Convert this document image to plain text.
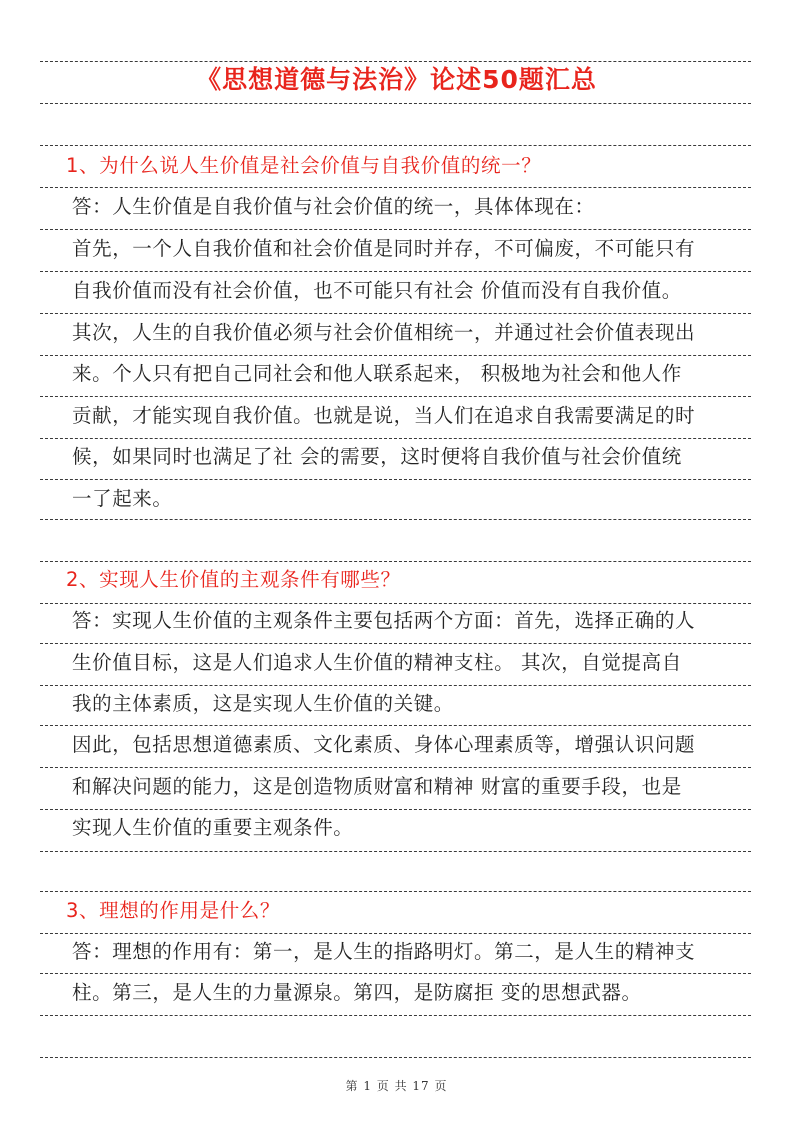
《思想道德与法治》论述50题汇总
1、为什么说人生价值是社会价值与自我价值的统一？
答：人生价值是自我价值与社会价值的统一，具体体现在：
首先，一个人自我价值和社会价值是同时并存，不可偏废，不可能只有
自我价值而没有社会价值，也不可能只有社会 价值而没有自我价值。
其次，人生的自我价值必须与社会价值相统一，并通过社会价值表现出
来。个人只有把自己同社会和他人联系起来， 积极地为社会和他人作
贡献，才能实现自我价值。也就是说，当人们在追求自我需要满足的时
候，如果同时也满足了社 会的需要，这时便将自我价值与社会价值统
一了起来。
2、实现人生价值的主观条件有哪些？
答：实现人生价值的主观条件主要包括两个方面：首先，选择正确的人
生价值目标，这是人们追求人生价值的精神支柱。 其次，自觉提高自
我的主体素质，这是实现人生价值的关键。
因此，包括思想道德素质、文化素质、身体心理素质等，增强认识问题
和解决问题的能力，这是创造物质财富和精神 财富的重要手段，也是
实现人生价值的重要主观条件。
3、理想的作用是什么？
答：理想的作用有：第一，是人生的指路明灯。第二，是人生的精神支
柱。第三，是人生的力量源泉。第四，是防腐拒 变的思想武器。
第 1 页 共 17 页
